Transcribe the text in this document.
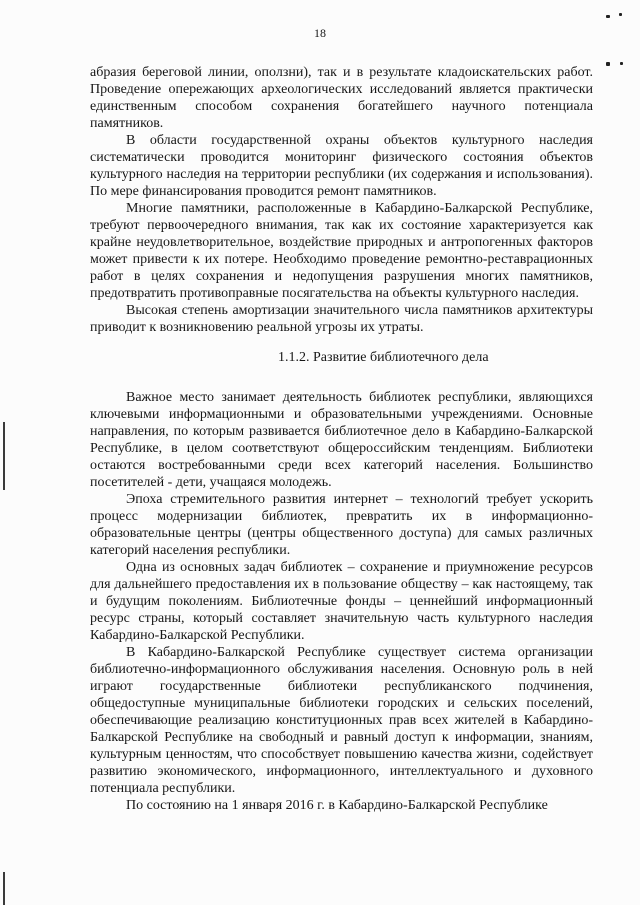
18

абразия береговой линии, оползни), так и в результате кладоискательских работ. Проведение опережающих археологических исследований является практически единственным способом сохранения богатейшего научного потенциала памятников.

В области государственной охраны объектов культурного наследия систематически проводится мониторинг физического состояния объектов культурного наследия на территории республики (их содержания и использования). По мере финансирования проводится ремонт памятников.

Многие памятники, расположенные в Кабардино-Балкарской Республике, требуют первоочередного внимания, так как их состояние характеризуется как крайне неудовлетворительное, воздействие природных и антропогенных факторов может привести к их потере. Необходимо проведение ремонтно-реставрационных работ в целях сохранения и недопущения разрушения многих памятников, предотвратить противоправные посягательства на объекты культурного наследия.

Высокая степень амортизации значительного числа памятников архитектуры приводит к возникновению реальной угрозы их утраты.

1.1.2. Развитие библиотечного дела

Важное место занимает деятельность библиотек республики, являющихся ключевыми информационными и образовательными учреждениями. Основные направления, по которым развивается библиотечное дело в Кабардино-Балкарской Республике, в целом соответствуют общероссийским тенденциям. Библиотеки остаются востребованными среди всех категорий населения. Большинство посетителей - дети, учащаяся молодежь.

Эпоха стремительного развития интернет – технологий требует ускорить процесс модернизации библиотек, превратить их в информационно-образовательные центры (центры общественного доступа) для самых различных категорий населения республики.

Одна из основных задач библиотек – сохранение и приумножение ресурсов для дальнейшего предоставления их в пользование обществу – как настоящему, так и будущим поколениям. Библиотечные фонды – ценнейший информационный ресурс страны, который составляет значительную часть культурного наследия Кабардино-Балкарской Республики.

В Кабардино-Балкарской Республике существует система организации библиотечно-информационного обслуживания населения. Основную роль в ней играют государственные библиотеки республиканского подчинения, общедоступные муниципальные библиотеки городских и сельских поселений, обеспечивающие реализацию конституционных прав всех жителей в Кабардино-Балкарской Республике на свободный и равный доступ к информации, знаниям, культурным ценностям, что способствует повышению качества жизни, содействует развитию экономического, информационного, интеллектуального и духовного потенциала республики.

По состоянию на 1 января 2016 г. в Кабардино-Балкарской Республике
